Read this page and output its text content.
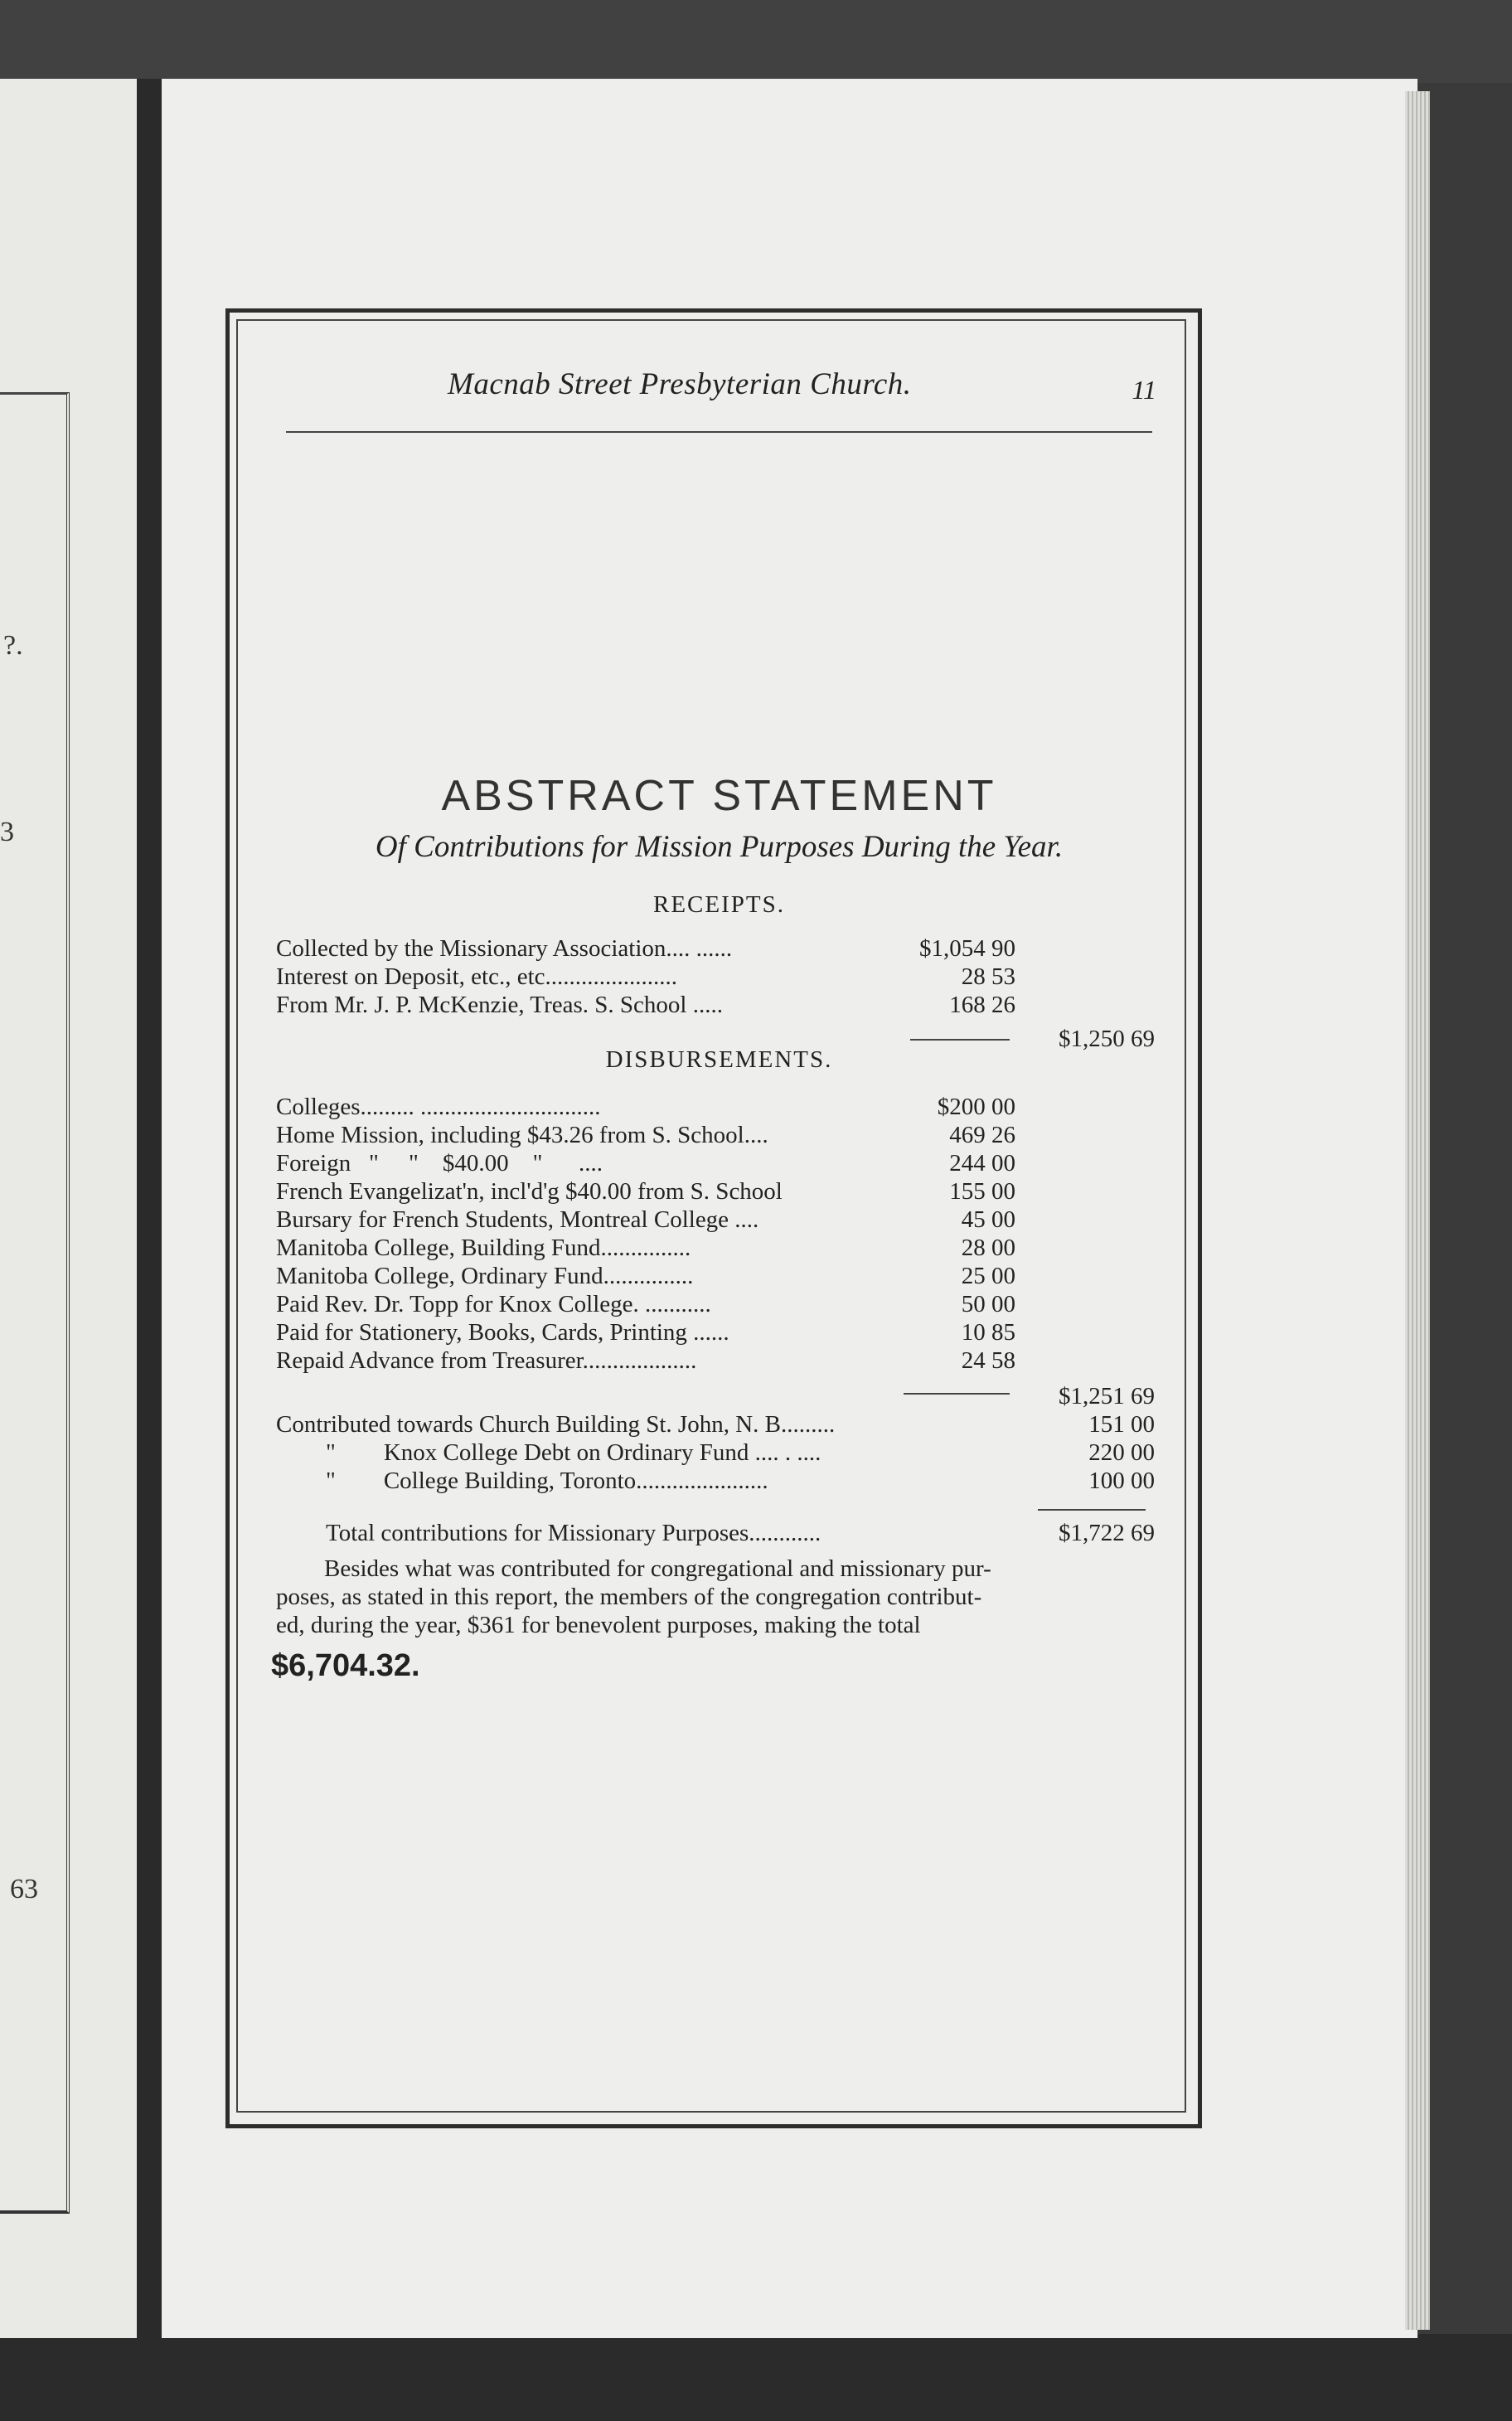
?.
3
63
Macnab Street Presbyterian Church.	11
ABSTRACT STATEMENT
Of Contributions for Mission Purposes During the Year.
RECEIPTS.
Collected by the Missionary Association.... ......	$1,054 90
Interest on Deposit, etc., etc......................	28 53
From Mr. J. P. McKenzie, Treas. S. School .....	168 26
$1,250 69
DISBURSEMENTS.
Colleges......... ..............................	$200 00
Home Mission, including $43.26 from S. School....	469 26
Foreign   "     "    $40.00    "      ....	244 00
French Evangelizat'n, incl'd'g $40.00 from S. School	155 00
Bursary for French Students, Montreal College ....	45 00
Manitoba College, Building Fund...............	28 00
Manitoba College, Ordinary Fund...............	25 00
Paid Rev. Dr. Topp for Knox College. ...........	50 00
Paid for Stationery, Books, Cards, Printing ......	10 85
Repaid Advance from Treasurer...................	24 58
$1,251 69
Contributed towards Church Building St. John, N. B.........	151 00
"        Knox College Debt on Ordinary Fund .... . ....	220 00
"        College Building, Toronto......................	100 00
Total contributions for Missionary Purposes............	$1,722 69
Besides what was contributed for congregational and missionary pur-
poses, as stated in this report, the members of the congregation contribut-
ed, during the year, $361 for benevolent purposes, making the total
$6,704.32.
